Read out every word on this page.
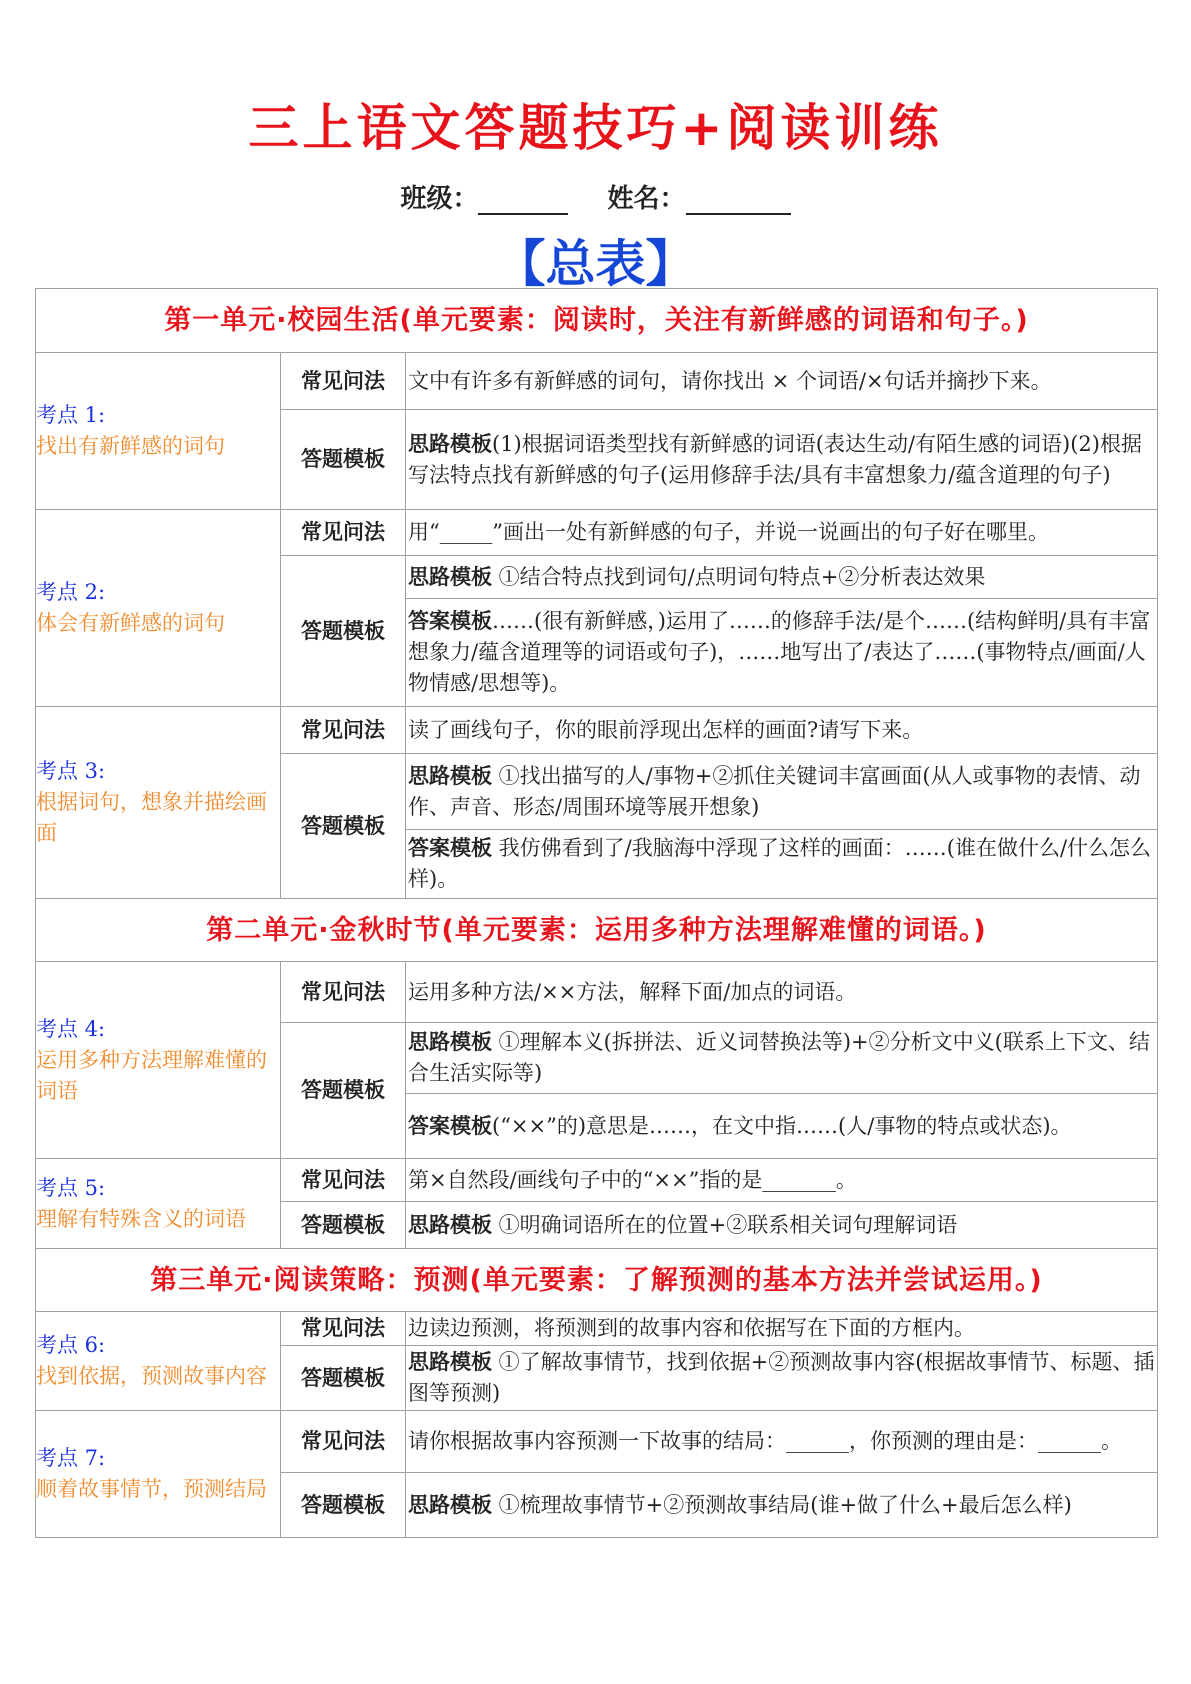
三上语文答题技巧+阅读训练
班级：	姓名：
【总表】
第一单元·校园生活(单元要素：阅读时，关注有新鲜感的词语和句子。)		

考点 1:
找出有新鲜感的词句	常见问法	文中有许多有新鲜感的词句，请你找出 × 个词语/×句话并摘抄下来。
	答题模板	思路模板(1)根据词语类型找有新鲜感的词语(表达生动/有陌生感的词语)(2)根据写法特点找有新鲜感的句子(运用修辞手法/具有丰富想象力/蕴含道理的句子)

考点 2:
体会有新鲜感的词句	常见问法	用“_____”画出一处有新鲜感的句子，并说一说画出的句子好在哪里。
	答题模板	思路模板 ①结合特点找到词句/点明词句特点+②分析表达效果
		答案模板……(很有新鲜感，)运用了……的修辞手法/是个……(结构鲜明/具有丰富想象力/蕴含道理等的词语或句子)，……地写出了/表达了……(事物特点/画面/人物情感/思想等)。

考点 3:
根据词句，想象并描绘画面	常见问法	读了画线句子，你的眼前浮现出怎样的画面?请写下来。
	答题模板	思路模板 ①找出描写的人/事物+②抓住关键词丰富画面(从人或事物的表情、动作、声音、形态/周围环境等展开想象)
		答案模板 我仿佛看到了/我脑海中浮现了这样的画面：……(谁在做什么/什么怎么样)。
第二单元·金秋时节(单元要素：运用多种方法理解难懂的词语。)		

考点 4:
运用多种方法理解难懂的词语	常见问法	运用多种方法/××方法，解释下面/加点的词语。
	答题模板	思路模板 ①理解本义(拆拼法、近义词替换法等)+②分析文中义(联系上下文、结合生活实际等)
		答案模板(“××”的)意思是……，在文中指……(人/事物的特点或状态)。

考点 5:
理解有特殊含义的词语	常见问法	第×自然段/画线句子中的“××”指的是_______。
	答题模板	思路模板 ①明确词语所在的位置+②联系相关词句理解词语
第三单元·阅读策略：预测(单元要素：了解预测的基本方法并尝试运用。)		

考点 6:
找到依据，预测故事内容	常见问法	边读边预测，将预测到的故事内容和依据写在下面的方框内。
	答题模板	思路模板 ①了解故事情节，找到依据+②预测故事内容(根据故事情节、标题、插图等预测)

考点 7:
顺着故事情节，预测结局	常见问法	请你根据故事内容预测一下故事的结局：______，你预测的理由是：______。
	答题模板	思路模板 ①梳理故事情节+②预测故事结局(谁+做了什么+最后怎么样)
